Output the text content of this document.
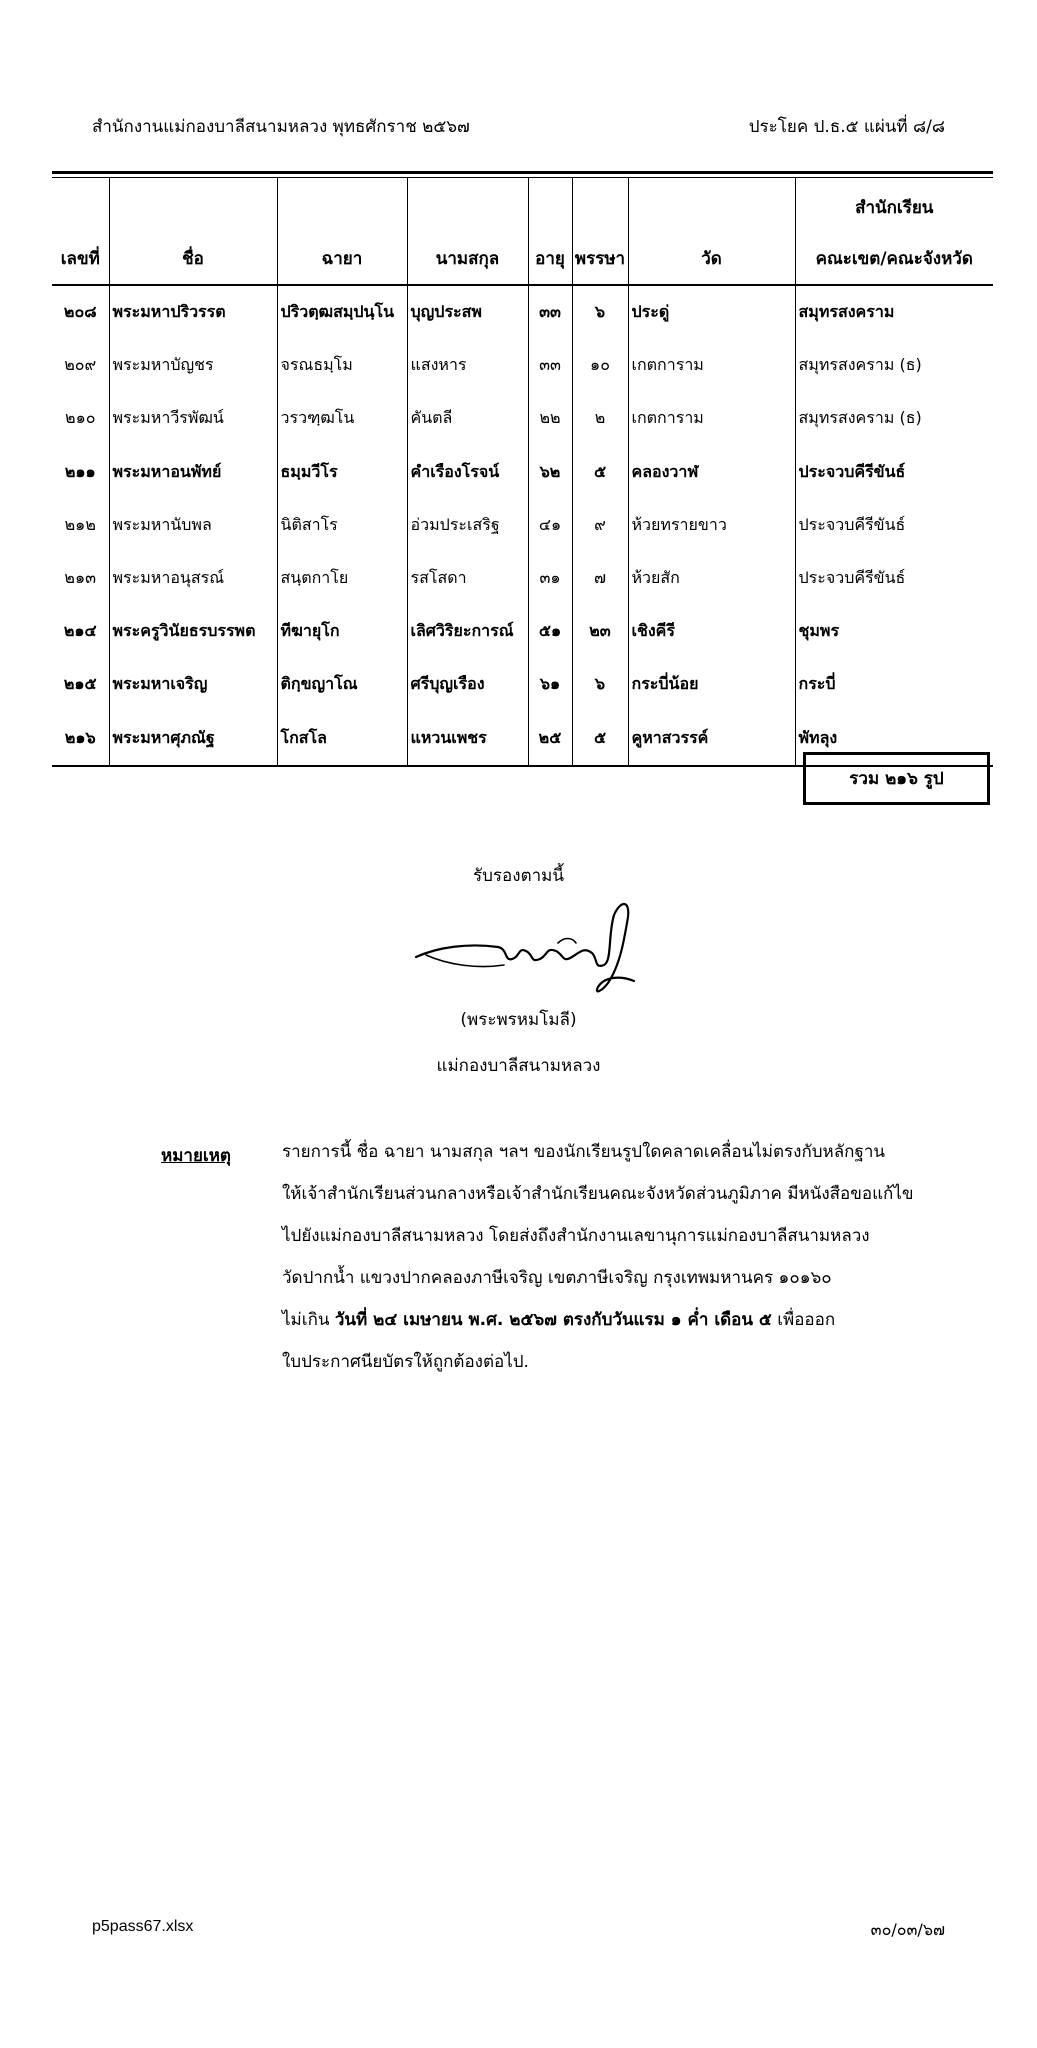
สำนักงานแม่กองบาลีสนามหลวง พุทธศักราช ๒๕๖๗	ประโยค ป.ธ.๕ แผ่นที่ ๘/๘
เลขที่	ชื่อ	ฉายา	นามสกุล	อายุ	พรรษา	วัด	สำนักเรียน
คณะเขต/คณะจังหวัด
๒๐๘	พระมหาปริวรรต	ปริวตฺฒสมฺปนฺโน	บุญประสพ	๓๓	๖	ประดู่	สมุทรสงคราม
๒๐๙	พระมหาบัญชร	จรณธมฺโม	แสงหาร	๓๓	๑๐	เกตการาม	สมุทรสงคราม (ธ)
๒๑๐	พระมหาวีรพัฒน์	วรวฑฺฒโน	คันตลี	๒๒	๒	เกตการาม	สมุทรสงคราม (ธ)
๒๑๑	พระมหาอนพัทย์	ธมฺมวีโร	คำเรืองโรจน์	๖๒	๕	คลองวาฬ	ประจวบคีรีขันธ์
๒๑๒	พระมหานับพล	นิติสาโร	อ่วมประเสริฐ	๔๑	๙	ห้วยทรายขาว	ประจวบคีรีขันธ์
๒๑๓	พระมหาอนุสรณ์	สนฺตกาโย	รสโสดา	๓๑	๗	ห้วยสัก	ประจวบคีรีขันธ์
๒๑๔	พระครูวินัยธรบรรพต	ทีฆายุโก	เลิศวิริยะการณ์	๕๑	๒๓	เชิงคีรี	ชุมพร
๒๑๕	พระมหาเจริญ	ติกฺขญาโณ	ศรีบุญเรือง	๖๑	๖	กระบี่น้อย	กระบี่
๒๑๖	พระมหาศุภณัฐ	โกสโล	แหวนเพชร	๒๕	๕	คูหาสวรรค์	พัทลุง
รวม ๒๑๖ รูป
รับรองตามนี้
(พระพรหมโมลี)
แม่กองบาลีสนามหลวง
หมายเหตุ	รายการนี้ ชื่อ ฉายา นามสกุล ฯลฯ ของนักเรียนรูปใดคลาดเคลื่อนไม่ตรงกับหลักฐาน
ให้เจ้าสำนักเรียนส่วนกลางหรือเจ้าสำนักเรียนคณะจังหวัดส่วนภูมิภาค มีหนังสือขอแก้ไข
ไปยังแม่กองบาลีสนามหลวง โดยส่งถึงสำนักงานเลขานุการแม่กองบาลีสนามหลวง
วัดปากน้ำ แขวงปากคลองภาษีเจริญ เขตภาษีเจริญ กรุงเทพมหานคร ๑๐๑๖๐
ไม่เกิน วันที่ ๒๔ เมษายน พ.ศ. ๒๕๖๗ ตรงกับวันแรม ๑ ค่ำ เดือน ๕ เพื่อออก
ใบประกาศนียบัตรให้ถูกต้องต่อไป.
p5pass67.xlsx	๓๐/๐๓/๖๗
